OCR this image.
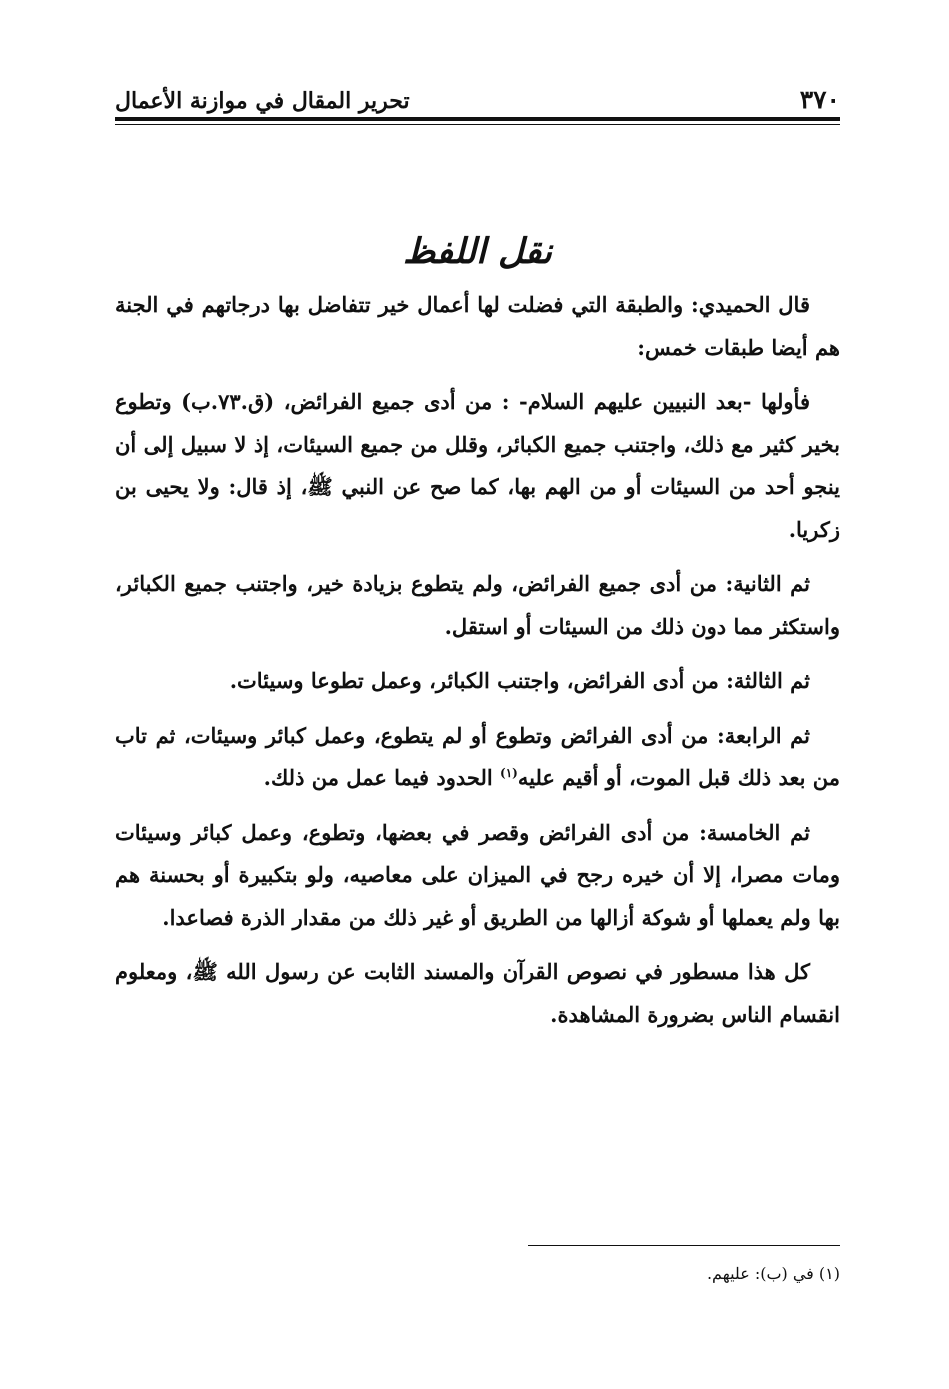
٣٧٠
تحرير المقال في موازنة الأعمال
نقل اللفظ

قال الحميدي: والطبقة التي فضلت لها أعمال خير تتفاضل بها درجاتهم في الجنة هم أيضا طبقات خمس:

فأولها -بعد النبيين عليهم السلام- : من أدى جميع الفرائض، (ق.٧٣.ب) وتطوع بخير كثير مع ذلك، واجتنب جميع الكبائر، وقلل من جميع السيئات، إذ لا سبيل إلى أن ينجو أحد من السيئات أو من الهم بها، كما صح عن النبي ﷺ، إذ قال: ولا يحيى بن زكريا.

ثم الثانية: من أدى جميع الفرائض، ولم يتطوع بزيادة خير، واجتنب جميع الكبائر، واستكثر مما دون ذلك من السيئات أو استقل.

ثم الثالثة: من أدى الفرائض، واجتنب الكبائر، وعمل تطوعا وسيئات.

ثم الرابعة: من أدى الفرائض وتطوع أو لم يتطوع، وعمل كبائر وسيئات، ثم تاب من بعد ذلك قبل الموت، أو أقيم عليه$^{(١)}$ الحدود فيما عمل من ذلك.

ثم الخامسة: من أدى الفرائض وقصر في بعضها، وتطوع، وعمل كبائر وسيئات ومات مصرا، إلا أن خيره رجح في الميزان على معاصيه، ولو بتكبيرة أو بحسنة هم بها ولم يعملها أو شوكة أزالها من الطريق أو غير ذلك من مقدار الذرة فصاعدا.

كل هذا مسطور في نصوص القرآن والمسند الثابت عن رسول الله ﷺ، ومعلوم انقسام الناس بضرورة المشاهدة.

(١) في (ب): عليهم.
